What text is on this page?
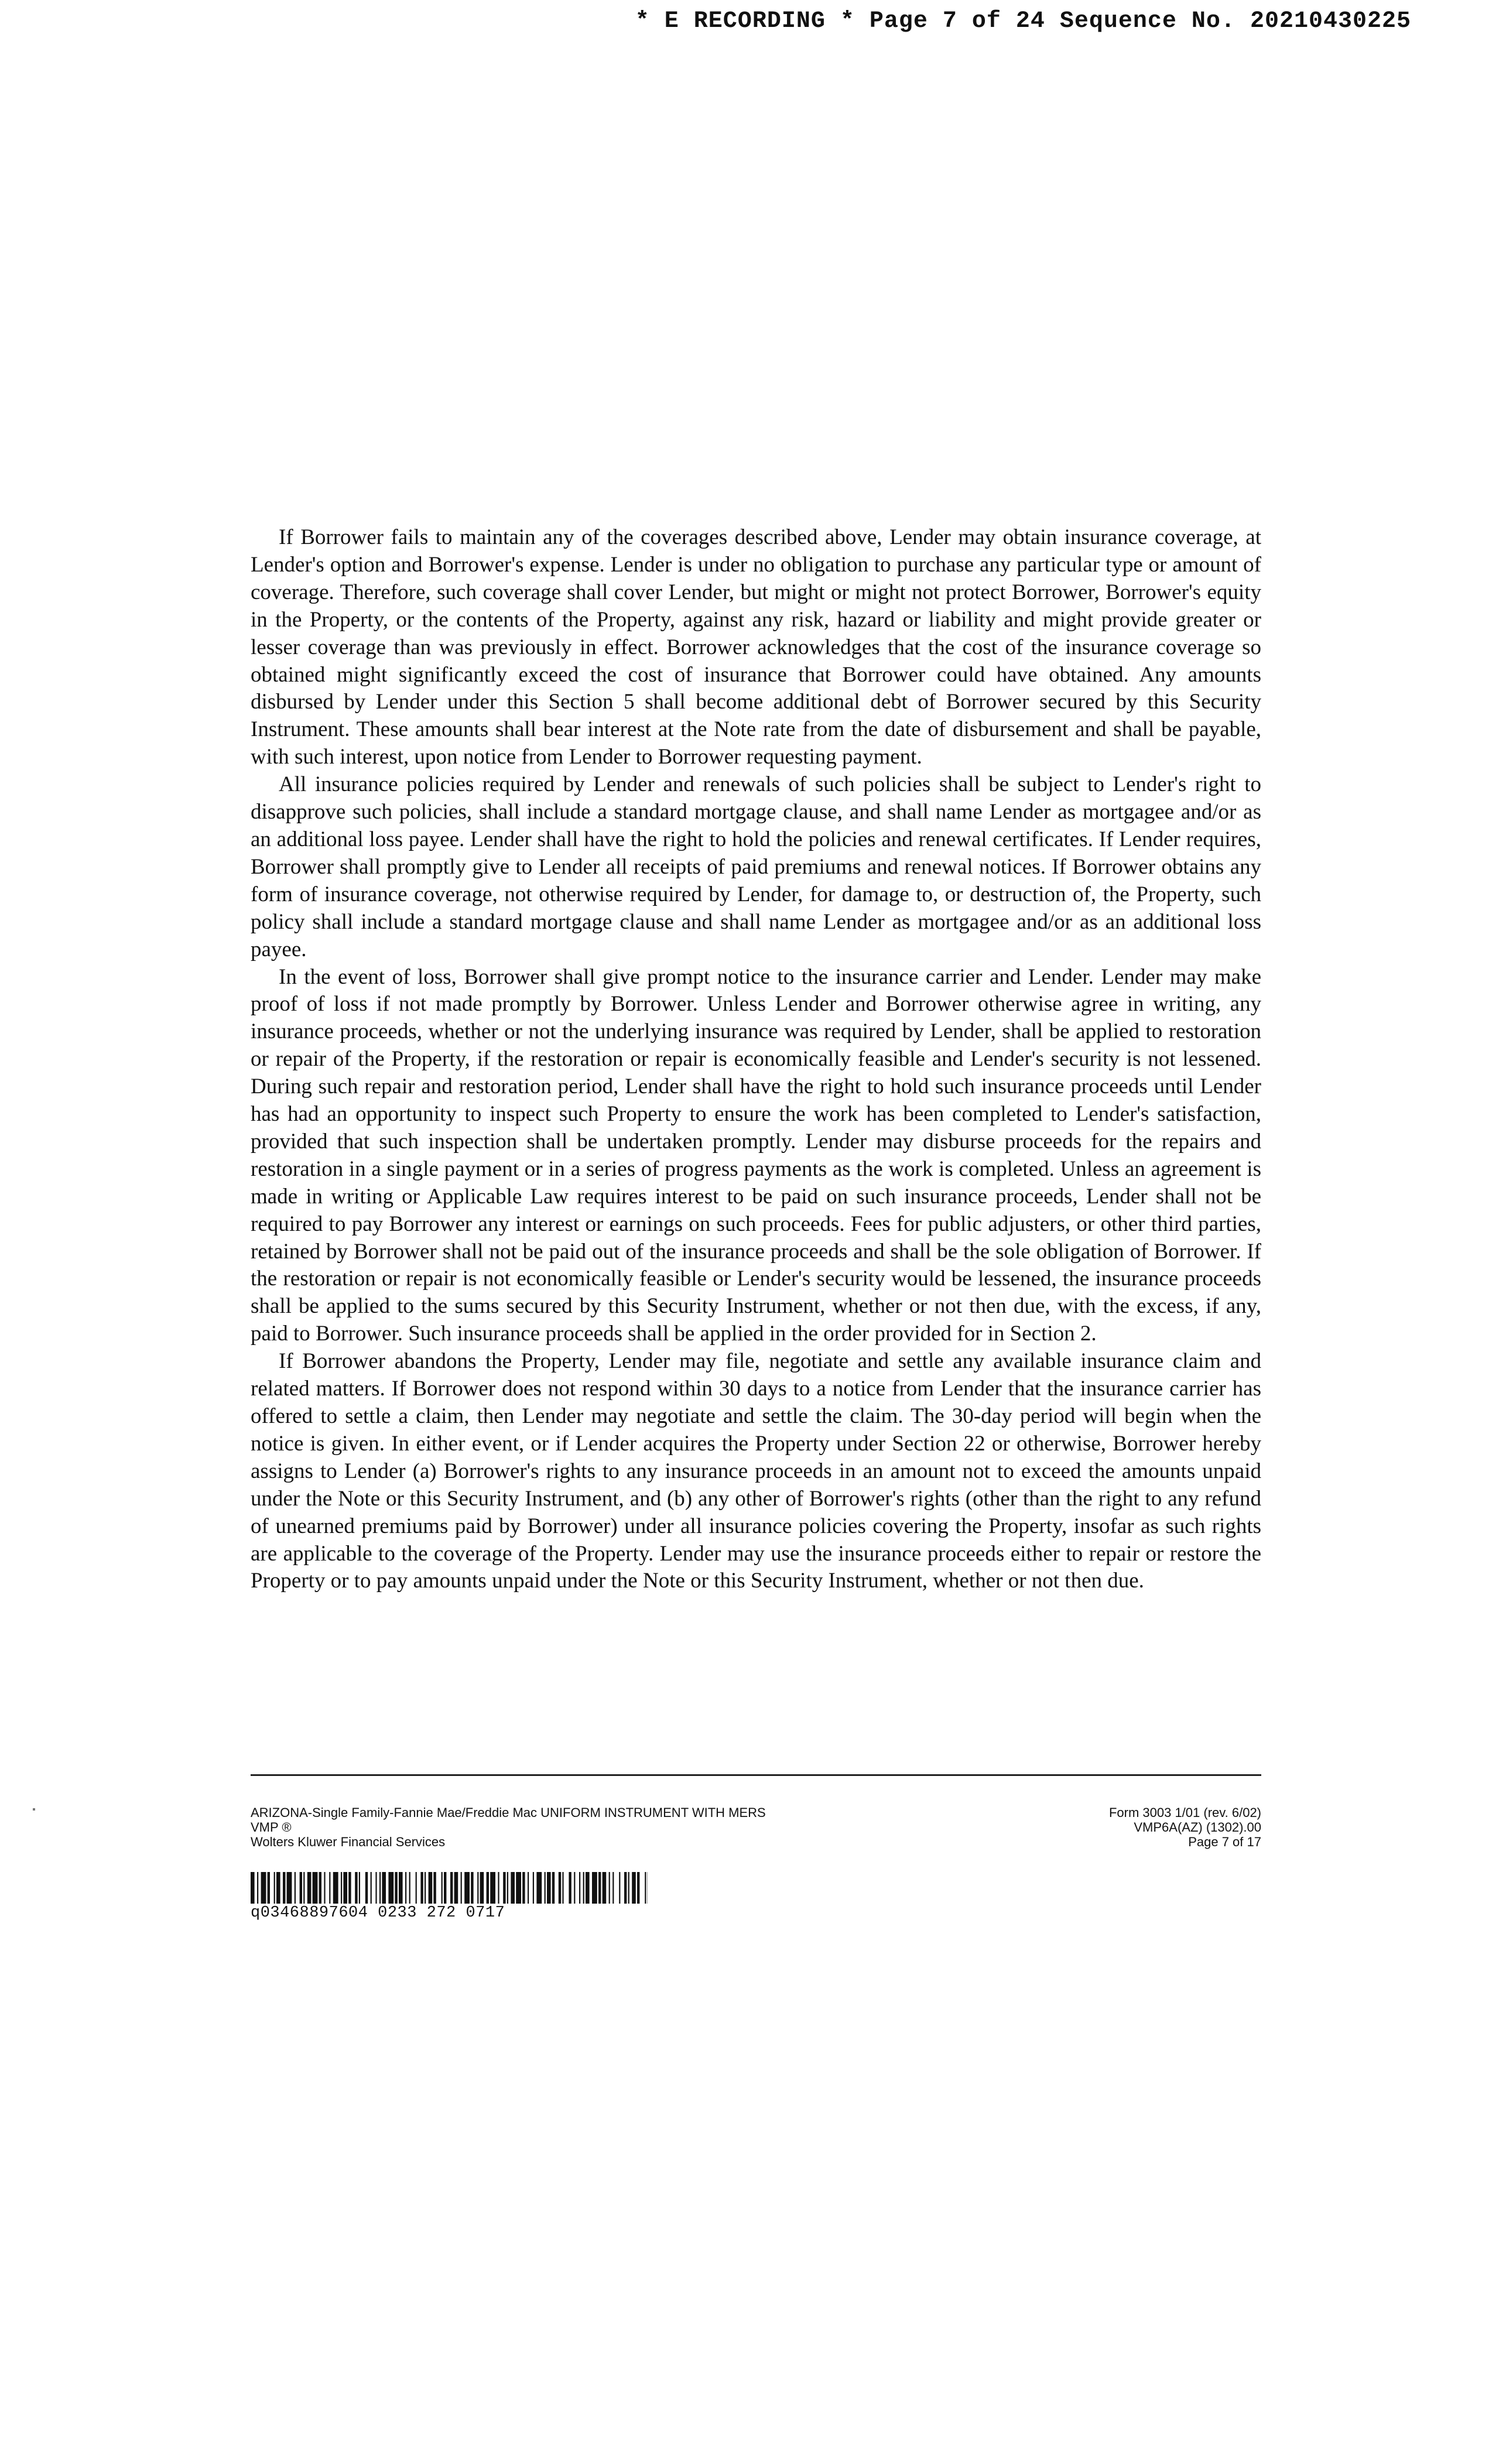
* E RECORDING * Page 7 of 24 Sequence No. 20210430225

If Borrower fails to maintain any of the coverages described above, Lender may obtain insurance coverage, at Lender's option and Borrower's expense. Lender is under no obligation to purchase any particular type or amount of coverage. Therefore, such coverage shall cover Lender, but might or might not protect Borrower, Borrower's equity in the Property, or the contents of the Property, against any risk, hazard or liability and might provide greater or lesser coverage than was previously in effect. Borrower acknowledges that the cost of the insurance coverage so obtained might significantly exceed the cost of insurance that Borrower could have obtained. Any amounts disbursed by Lender under this Section 5 shall become additional debt of Borrower secured by this Security Instrument. These amounts shall bear interest at the Note rate from the date of disbursement and shall be payable, with such interest, upon notice from Lender to Borrower requesting payment.

All insurance policies required by Lender and renewals of such policies shall be subject to Lender's right to disapprove such policies, shall include a standard mortgage clause, and shall name Lender as mortgagee and/or as an additional loss payee. Lender shall have the right to hold the policies and renewal certificates. If Lender requires, Borrower shall promptly give to Lender all receipts of paid premiums and renewal notices. If Borrower obtains any form of insurance coverage, not otherwise required by Lender, for damage to, or destruction of, the Property, such policy shall include a standard mortgage clause and shall name Lender as mortgagee and/or as an additional loss payee.

In the event of loss, Borrower shall give prompt notice to the insurance carrier and Lender. Lender may make proof of loss if not made promptly by Borrower. Unless Lender and Borrower otherwise agree in writing, any insurance proceeds, whether or not the underlying insurance was required by Lender, shall be applied to restoration or repair of the Property, if the restoration or repair is economically feasible and Lender's security is not lessened. During such repair and restoration period, Lender shall have the right to hold such insurance proceeds until Lender has had an opportunity to inspect such Property to ensure the work has been completed to Lender's satisfaction, provided that such inspection shall be undertaken promptly. Lender may disburse proceeds for the repairs and restoration in a single payment or in a series of progress payments as the work is completed. Unless an agreement is made in writing or Applicable Law requires interest to be paid on such insurance proceeds, Lender shall not be required to pay Borrower any interest or earnings on such proceeds. Fees for public adjusters, or other third parties, retained by Borrower shall not be paid out of the insurance proceeds and shall be the sole obligation of Borrower. If the restoration or repair is not economically feasible or Lender's security would be lessened, the insurance proceeds shall be applied to the sums secured by this Security Instrument, whether or not then due, with the excess, if any, paid to Borrower. Such insurance proceeds shall be applied in the order provided for in Section 2.

If Borrower abandons the Property, Lender may file, negotiate and settle any available insurance claim and related matters. If Borrower does not respond within 30 days to a notice from Lender that the insurance carrier has offered to settle a claim, then Lender may negotiate and settle the claim. The 30-day period will begin when the notice is given. In either event, or if Lender acquires the Property under Section 22 or otherwise, Borrower hereby assigns to Lender (a) Borrower's rights to any insurance proceeds in an amount not to exceed the amounts unpaid under the Note or this Security Instrument, and (b) any other of Borrower's rights (other than the right to any refund of unearned premiums paid by Borrower) under all insurance policies covering the Property, insofar as such rights are applicable to the coverage of the Property. Lender may use the insurance proceeds either to repair or restore the Property or to pay amounts unpaid under the Note or this Security Instrument, whether or not then due.

ARIZONA-Single Family-Fannie Mae/Freddie Mac UNIFORM INSTRUMENT WITH MERS
VMP ®
Wolters Kluwer Financial Services
Form 3003 1/01 (rev. 6/02)
VMP6A(AZ) (1302).00
Page 7 of 17
q03468897604 0233 272 0717
